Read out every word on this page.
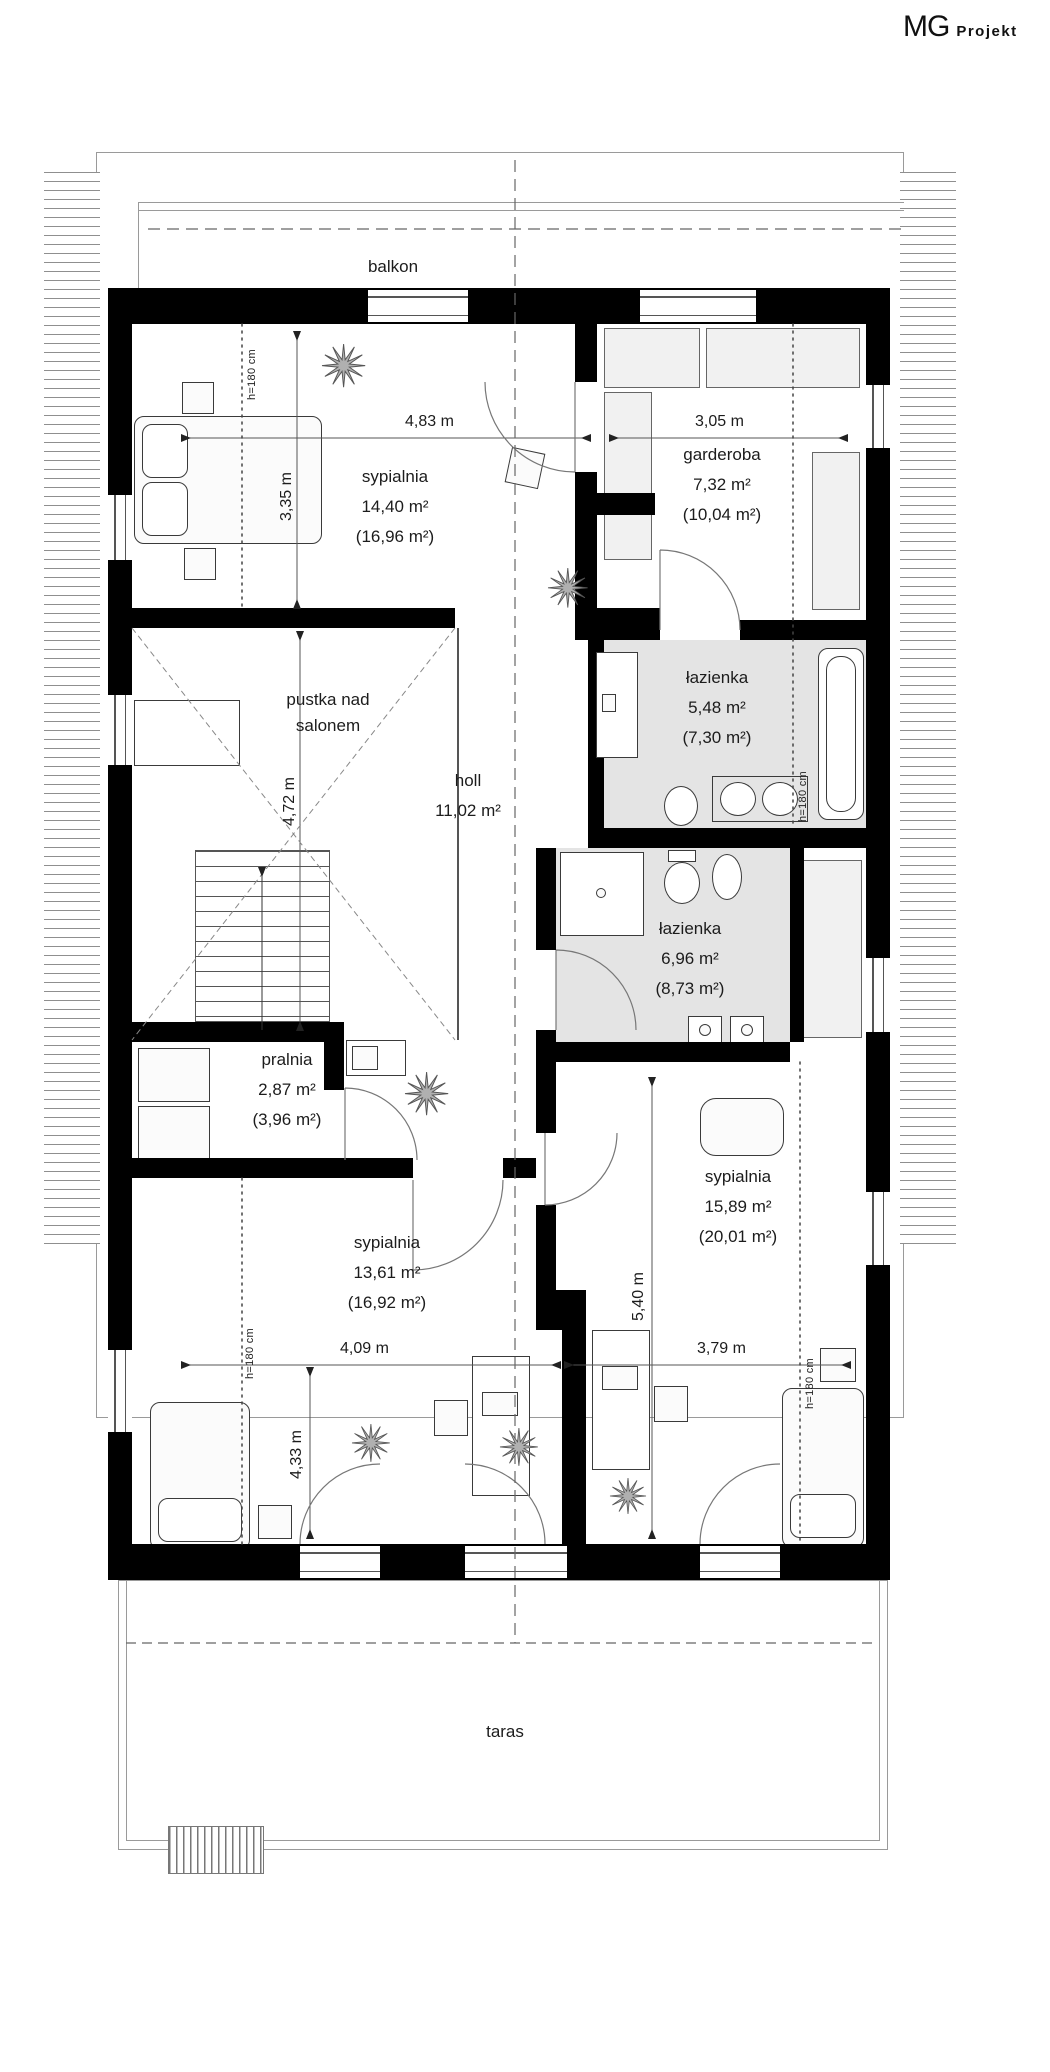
MG Projekt
balkon
sypialnia
14,40 m²
(16,96 m²)
garderoba
7,32 m²
(10,04 m²)
łazienka
5,48 m²
(7,30 m²)
pustka nad
salonem
holl
11,02 m²
łazienka
6,96 m²
(8,73 m²)
pralnia
2,87 m²
(3,96 m²)
sypialnia
13,61 m²
(16,92 m²)
sypialnia
15,89 m²
(20,01 m²)
taras
4,83 m	3,05 m
3,35 m
4,72 m
4,09 m	3,79 m
4,33 m
5,40 m
h=180 cm
h=180 cm
h=180 cm
h=180 cm
